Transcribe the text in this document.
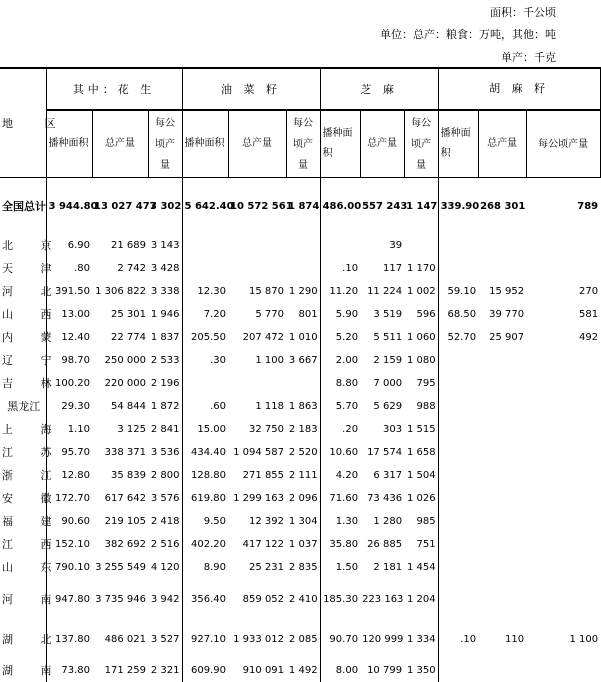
面积：千公顷
单位：总产：粮食：万吨，其他：吨
单产：千克
地 区	其中：花 生			油 菜 籽			芝 麻			胡 麻 籽		
	播种面积	总产量	每公顷产量	播种面积	总产量	每公顷产量	播种面积	总产量	每公顷产量	播种面积	总产量	每公顷产量
全国总计	3 944.80	13 027 477	3 302	5 642.40	10 572 561	1 874	486.00	557 243	1 147	339.90	268 301	789
北 京	6.90	21 689	3 143					39				
天 津	.80	2 742	3 428				.10	117	1 170			
河 北	391.50	1 306 822	3 338	12.30	15 870	1 290	11.20	11 224	1 002	59.10	15 952	270
山 西	13.00	25 301	1 946	7.20	5 770	801	5.90	3 519	596	68.50	39 770	581
内 蒙	12.40	22 774	1 837	205.50	207 472	1 010	5.20	5 511	1 060	52.70	25 907	492
辽 宁	98.70	250 000	2 533	.30	1 100	3 667	2.00	2 159	1 080			
吉 林	100.20	220 000	2 196				8.80	7 000	795			
黑龙江	29.30	54 844	1 872	.60	1 118	1 863	5.70	5 629	988			
上 海	1.10	3 125	2 841	15.00	32 750	2 183	.20	303	1 515			
江 苏	95.70	338 371	3 536	434.40	1 094 587	2 520	10.60	17 574	1 658			
浙 江	12.80	35 839	2 800	128.80	271 855	2 111	4.20	6 317	1 504			
安 徽	172.70	617 642	3 576	619.80	1 299 163	2 096	71.60	73 436	1 026			
福 建	90.60	219 105	2 418	9.50	12 392	1 304	1.30	1 280	985			
江 西	152.10	382 692	2 516	402.20	417 122	1 037	35.80	26 885	751			
山 东	790.10	3 255 549	4 120	8.90	25 231	2 835	1.50	2 181	1 454			
河 南	947.80	3 735 946	3 942	356.40	859 052	2 410	185.30	223 163	1 204			
湖 北	137.80	486 021	3 527	927.10	1 933 012	2 085	90.70	120 999	1 334	.10	110	1 100
湖 南	73.80	171 259	2 321	609.90	910 091	1 492	8.00	10 799	1 350			
